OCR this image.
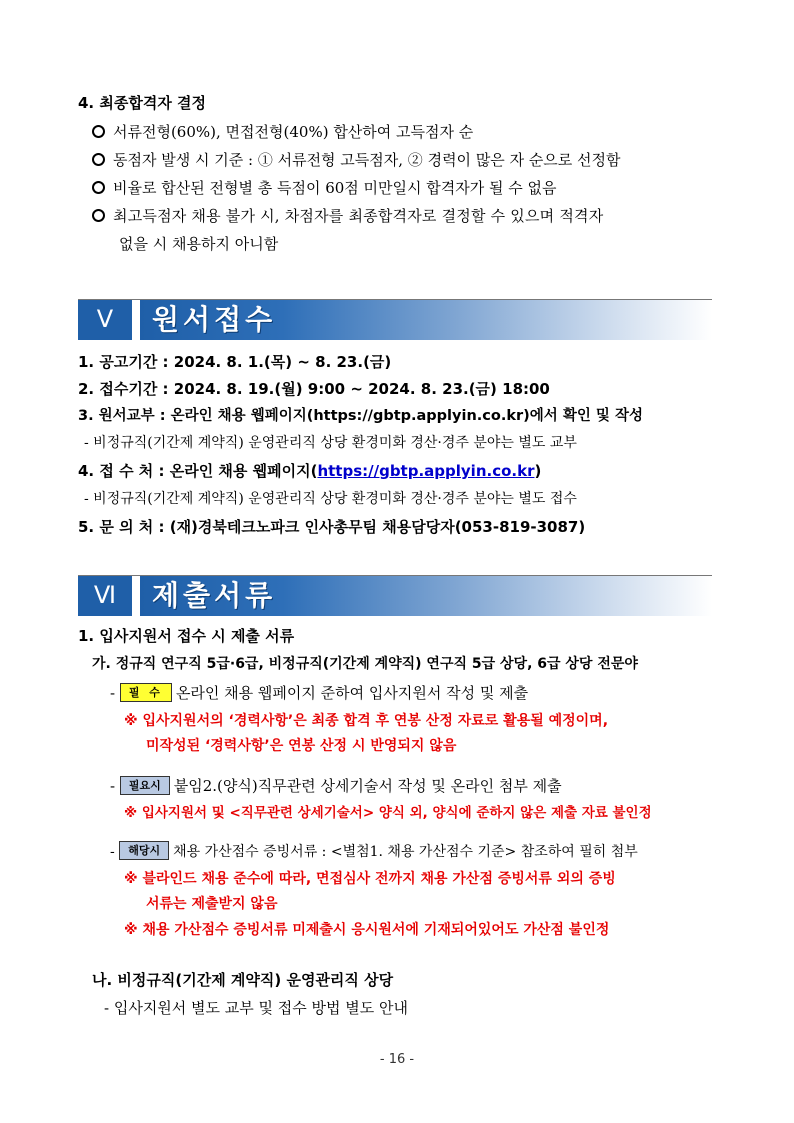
4. 최종합격자 결정
서류전형(60%), 면접전형(40%) 합산하여 고득점자 순
동점자 발생 시 기준 : ① 서류전형 고득점자, ② 경력이 많은 자 순으로 선정함
비율로 합산된 전형별 총 득점이 60점 미만일시 합격자가 될 수 없음
최고득점자 채용 불가 시, 차점자를 최종합격자로 결정할 수 있으며 적격자
없을 시 채용하지 아니함
Ⅴ	원서접수
1. 공고기간 : 2024. 8. 1.(목) ~ 8. 23.(금)
2. 접수기간 : 2024. 8. 19.(월) 9:00 ~ 2024. 8. 23.(금) 18:00
3. 원서교부 : 온라인 채용 웹페이지(https://gbtp.applyin.co.kr)에서 확인 및 작성
- 비정규직(기간제 계약직) 운영관리직 상당 환경미화 경산·경주 분야는 별도 교부
4. 접 수 처 : 온라인 채용 웹페이지(https://gbtp.applyin.co.kr)
- 비정규직(기간제 계약직) 운영관리직 상당 환경미화 경산·경주 분야는 별도 접수
5. 문 의 처 : (재)경북테크노파크 인사총무팀 채용담당자(053-819-3087)
Ⅵ	제출서류
1. 입사지원서 접수 시 제출 서류
가. 정규직 연구직 5급·6급, 비정규직(기간제 계약직) 연구직 5급 상당, 6급 상당 전문야
- 필 수 온라인 채용 웹페이지 준하여 입사지원서 작성 및 제출
※ 입사지원서의 ‘경력사항’은 최종 합격 후 연봉 산정 자료로 활용될 예정이며,
미작성된 ‘경력사항’은 연봉 산정 시 반영되지 않음
- 필요시 붙임2.(양식)직무관련 상세기술서 작성 및 온라인 첨부 제출
※ 입사지원서 및 <직무관련 상세기술서> 양식 외, 양식에 준하지 않은 제출 자료 불인정
- 해당시 채용 가산점수 증빙서류 : <별첨1. 채용 가산점수 기준> 참조하여 필히 첨부
※ 블라인드 채용 준수에 따라, 면접심사 전까지 채용 가산점 증빙서류 외의 증빙
서류는 제출받지 않음
※ 채용 가산점수 증빙서류 미제출시 응시원서에 기재되어있어도 가산점 불인정
나. 비정규직(기간제 계약직) 운영관리직 상당
- 입사지원서 별도 교부 및 접수 방법 별도 안내
- 16 -
